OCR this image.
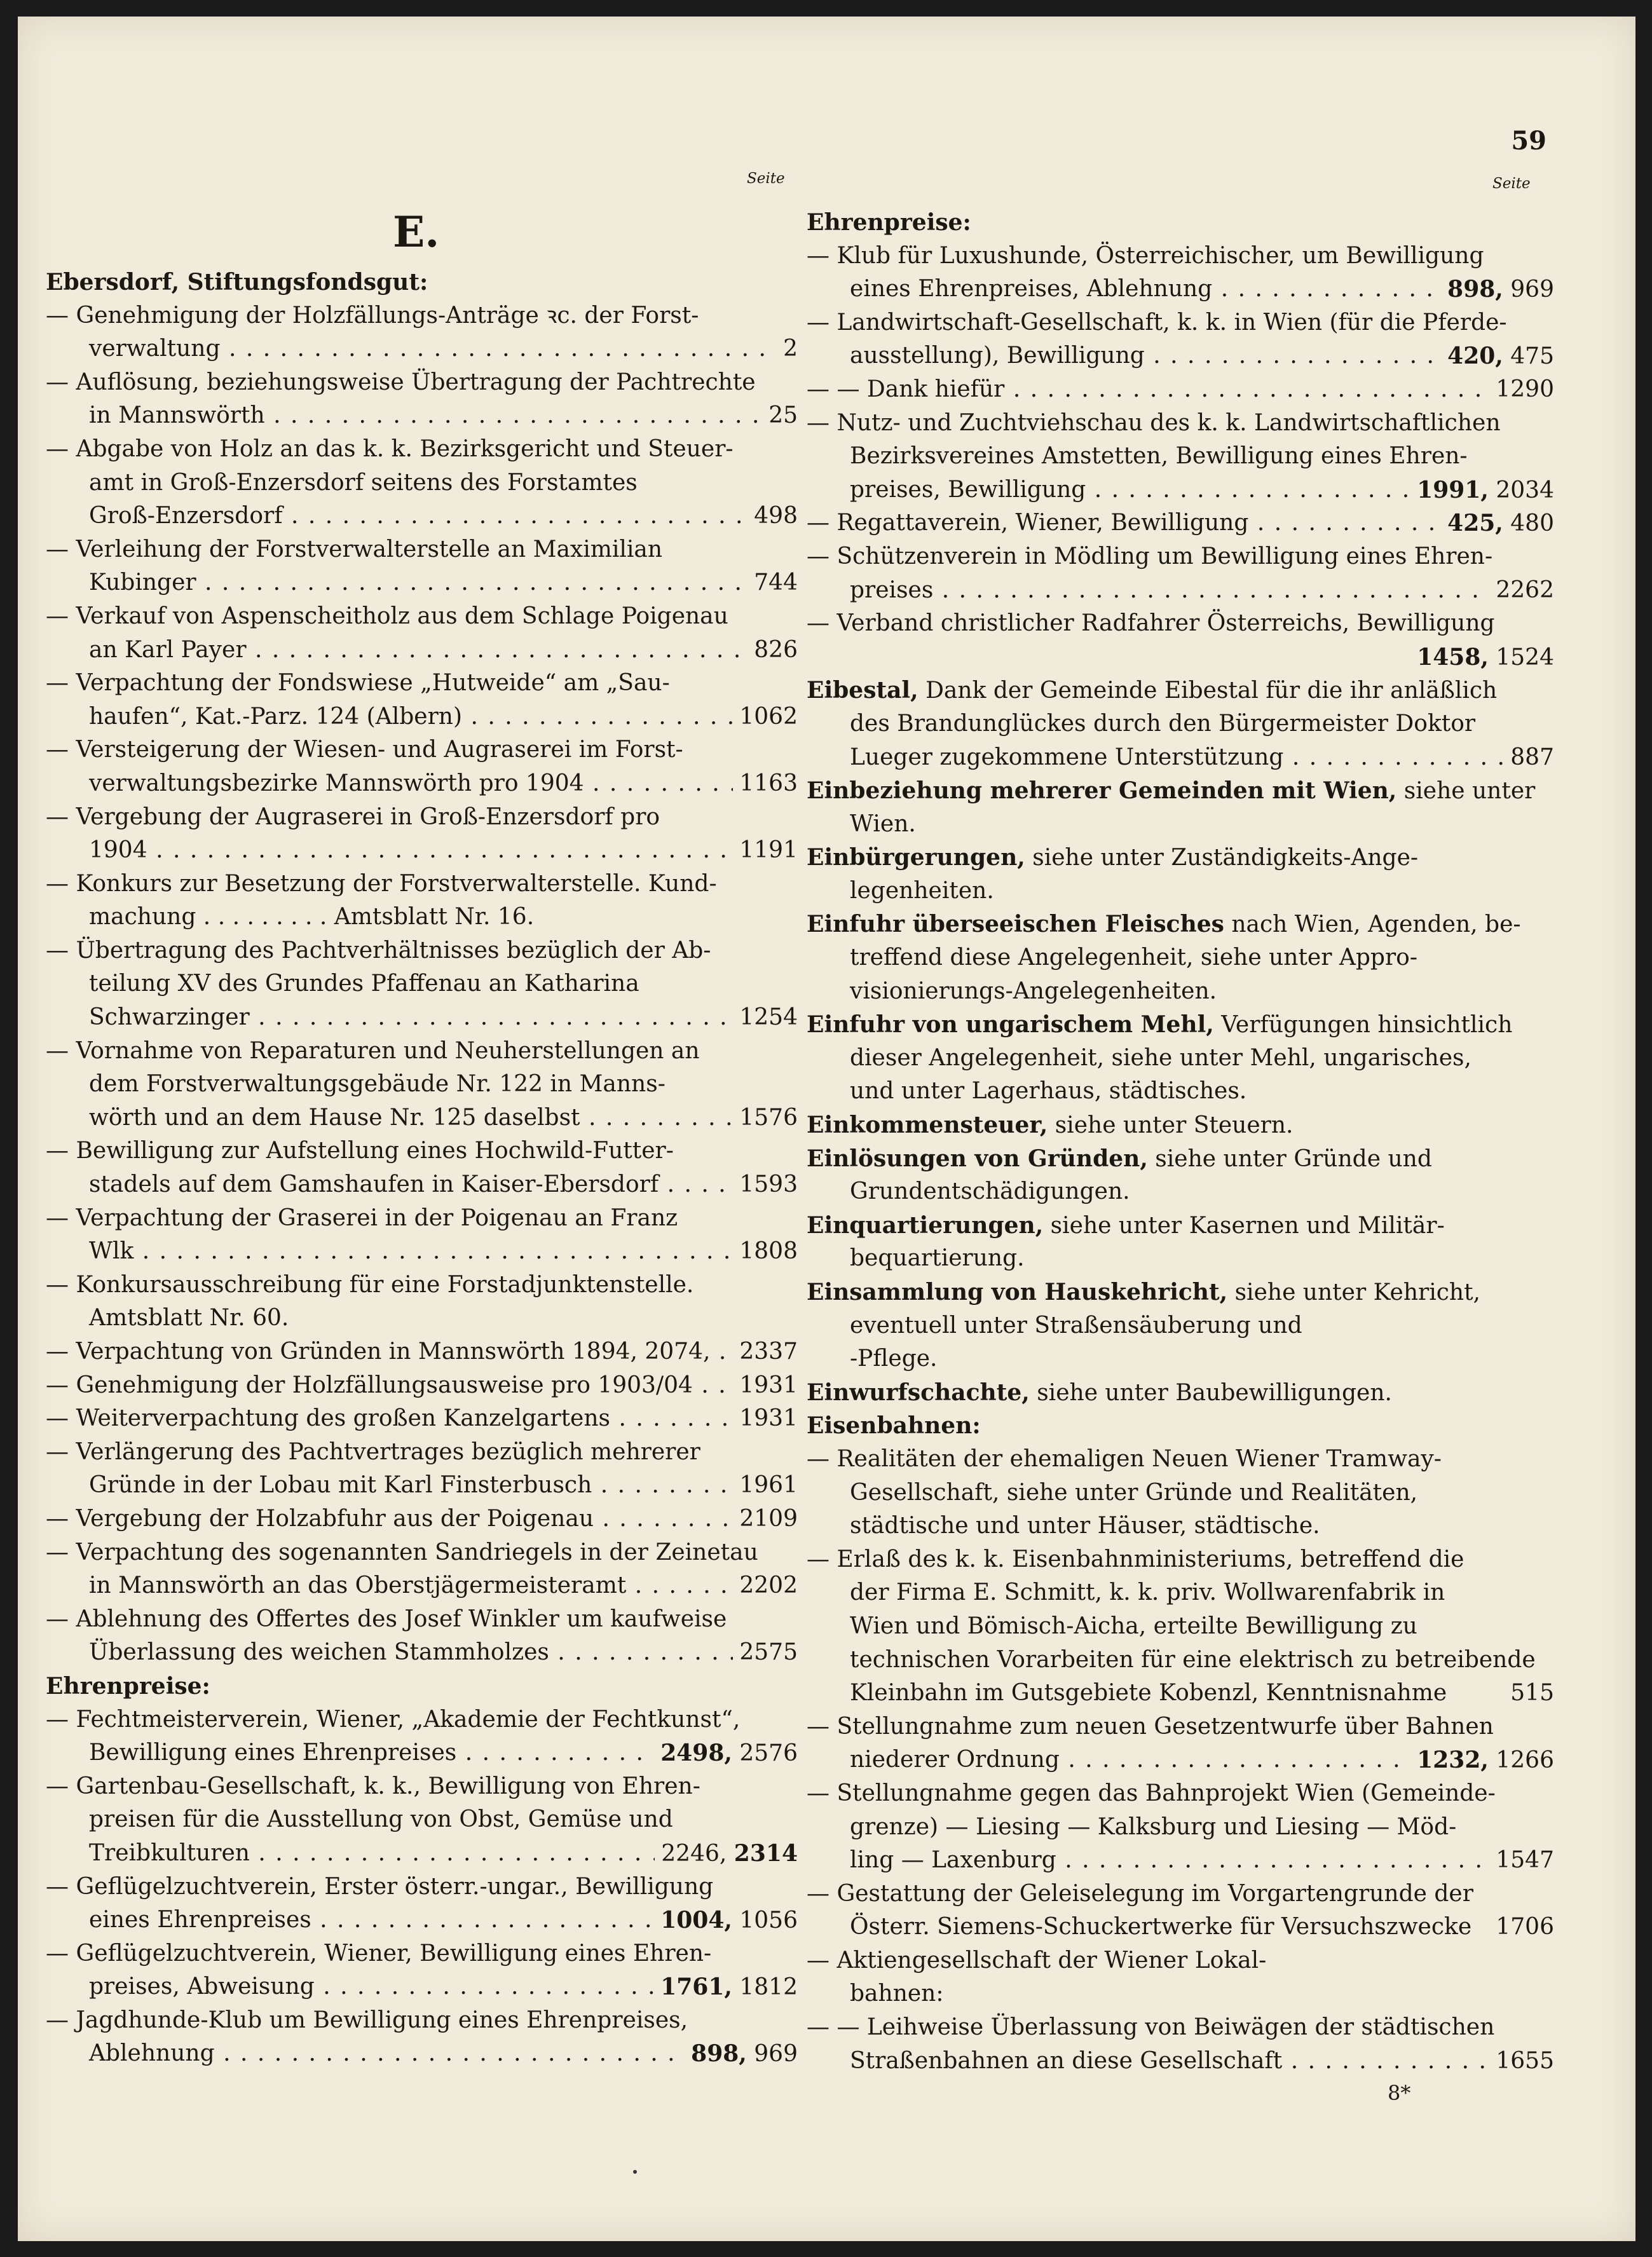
59
Seite	Seite
E.
Ebersdorf, Stiftungsfondsgut:
— Genehmigung der Holzfällungs-Anträge ꝛc. der Forst-
verwaltung . . .	2
— Auflösung, beziehungsweise Übertragung der Pachtrechte
in Mannswörth . . .	25
— Abgabe von Holz an das k. k. Bezirksgericht und Steuer-
amt in Groß-Enzersdorf seitens des Forstamtes
Groß-Enzersdorf . . .	498
— Verleihung der Forstverwalterstelle an Maximilian
Kubinger . . .	744
— Verkauf von Aspenscheitholz aus dem Schlage Poigenau
an Karl Payer . . .	826
— Verpachtung der Fondswiese „Hutweide“ am „Sau-
haufen“, Kat.-Parz. 124 (Albern) . . .	1062
— Versteigerung der Wiesen- und Augraserei im Forst-
verwaltungsbezirke Mannswörth pro 1904 . . .	1163
— Vergebung der Augraserei in Groß-Enzersdorf pro
1904 . . .	1191
— Konkurs zur Besetzung der Forstverwalterstelle. Kund-
machung . . . . . . . . . Amtsblatt Nr. 16.
— Übertragung des Pachtverhältnisses bezüglich der Ab-
teilung XV des Grundes Pfaffenau an Katharina
Schwarzinger . . .	1254
— Vornahme von Reparaturen und Neuherstellungen an
dem Forstverwaltungsgebäude Nr. 122 in Manns-
wörth und an dem Hause Nr. 125 daselbst . . .	1576
— Bewilligung zur Aufstellung eines Hochwild-Futter-
stadels auf dem Gamshaufen in Kaiser-Ebersdorf . . .	1593
— Verpachtung der Graserei in der Poigenau an Franz
Wlk . . .	1808
— Konkursausschreibung für eine Forstadjunktenstelle.
Amtsblatt Nr. 60.
— Verpachtung von Gründen in Mannswörth 1894, 2074, . . . 2337
— Genehmigung der Holzfällungsausweise pro 1903/04 . . . 1931
— Weiterverpachtung des großen Kanzelgartens . . .	1931
— Verlängerung des Pachtvertrages bezüglich mehrerer
Gründe in der Lobau mit Karl Finsterbusch . . .	1961
— Vergebung der Holzabfuhr aus der Poigenau . . .	2109
— Verpachtung des sogenannten Sandriegels in der Zeinetau
in Mannswörth an das Oberstjägermeisteramt . . .	2202
— Ablehnung des Offertes des Josef Winkler um kaufweise
Überlassung des weichen Stammholzes . . .	2575
Ehrenpreise:
— Fechtmeisterverein, Wiener, „Akademie der Fechtkunst“,
Bewilligung eines Ehrenpreises . . .	2498, 2576
— Gartenbau-Gesellschaft, k. k., Bewilligung von Ehren-
preisen für die Ausstellung von Obst, Gemüse und
Treibkulturen . . .	2246, 2314
— Geflügelzuchtverein, Erster österr.-ungar., Bewilligung
eines Ehrenpreises . . .	1004, 1056
— Geflügelzuchtverein, Wiener, Bewilligung eines Ehren-
preises, Abweisung . . .	1761, 1812
— Jagdhunde-Klub um Bewilligung eines Ehrenpreises,
Ablehnung . . .	898, 969
Ehrenpreise:
— Klub für Luxushunde, Österreichischer, um Bewilligung
eines Ehrenpreises, Ablehnung . . .	898, 969
— Landwirtschaft-Gesellschaft, k. k. in Wien (für die Pferde-
ausstellung), Bewilligung . . .	420, 475
— — Dank hiefür . . .	1290
— Nutz- und Zuchtviehschau des k. k. Landwirtschaftlichen
Bezirksvereines Amstetten, Bewilligung eines Ehren-
preises, Bewilligung . . .	1991, 2034
— Regattaverein, Wiener, Bewilligung . . .	425, 480
— Schützenverein in Mödling um Bewilligung eines Ehren-
preises . . .	2262
— Verband christlicher Radfahrer Österreichs, Bewilligung
1458, 1524
Eibestal, Dank der Gemeinde Eibestal für die ihr anläßlich
des Brandunglückes durch den Bürgermeister Doktor
Lueger zugekommene Unterstützung . . .	887
Einbeziehung mehrerer Gemeinden mit Wien, siehe unter
Wien.
Einbürgerungen, siehe unter Zuständigkeits-Ange-
legenheiten.
Einfuhr überseeischen Fleisches nach Wien, Agenden, be-
treffend diese Angelegenheit, siehe unter Appro-
visionierungs-Angelegenheiten.
Einfuhr von ungarischem Mehl, Verfügungen hinsichtlich
dieser Angelegenheit, siehe unter Mehl, ungarisches,
und unter Lagerhaus, städtisches.
Einkommensteuer, siehe unter Steuern.
Einlösungen von Gründen, siehe unter Gründe und
Grundentschädigungen.
Einquartierungen, siehe unter Kasernen und Militär-
bequartierung.
Einsammlung von Hauskehricht, siehe unter Kehricht,
eventuell unter Straßensäuberung und
-Pflege.
Einwurfschachte, siehe unter Baubewilligungen.
Eisenbahnen:
— Realitäten der ehemaligen Neuen Wiener Tramway-
Gesellschaft, siehe unter Gründe und Realitäten,
städtische und unter Häuser, städtische.
— Erlaß des k. k. Eisenbahnministeriums, betreffend die
der Firma E. Schmitt, k. k. priv. Wollwarenfabrik in
Wien und Bömisch-Aicha, erteilte Bewilligung zu
technischen Vorarbeiten für eine elektrisch zu betreibende
Kleinbahn im Gutsgebiete Kobenzl, Kenntnisnahme	515
— Stellungnahme zum neuen Gesetzentwurfe über Bahnen
niederer Ordnung . . .	1232, 1266
— Stellungnahme gegen das Bahnprojekt Wien (Gemeinde-
grenze) — Liesing — Kalksburg und Liesing — Möd-
ling — Laxenburg . . .	1547
— Gestattung der Geleiselegung im Vorgartengrunde der
Österr. Siemens-Schuckertwerke für Versuchszwecke 1706
— Aktiengesellschaft der Wiener Lokal-
bahnen:
— — Leihweise Überlassung von Beiwägen der städtischen
Straßenbahnen an diese Gesellschaft . . .	1655
8*
